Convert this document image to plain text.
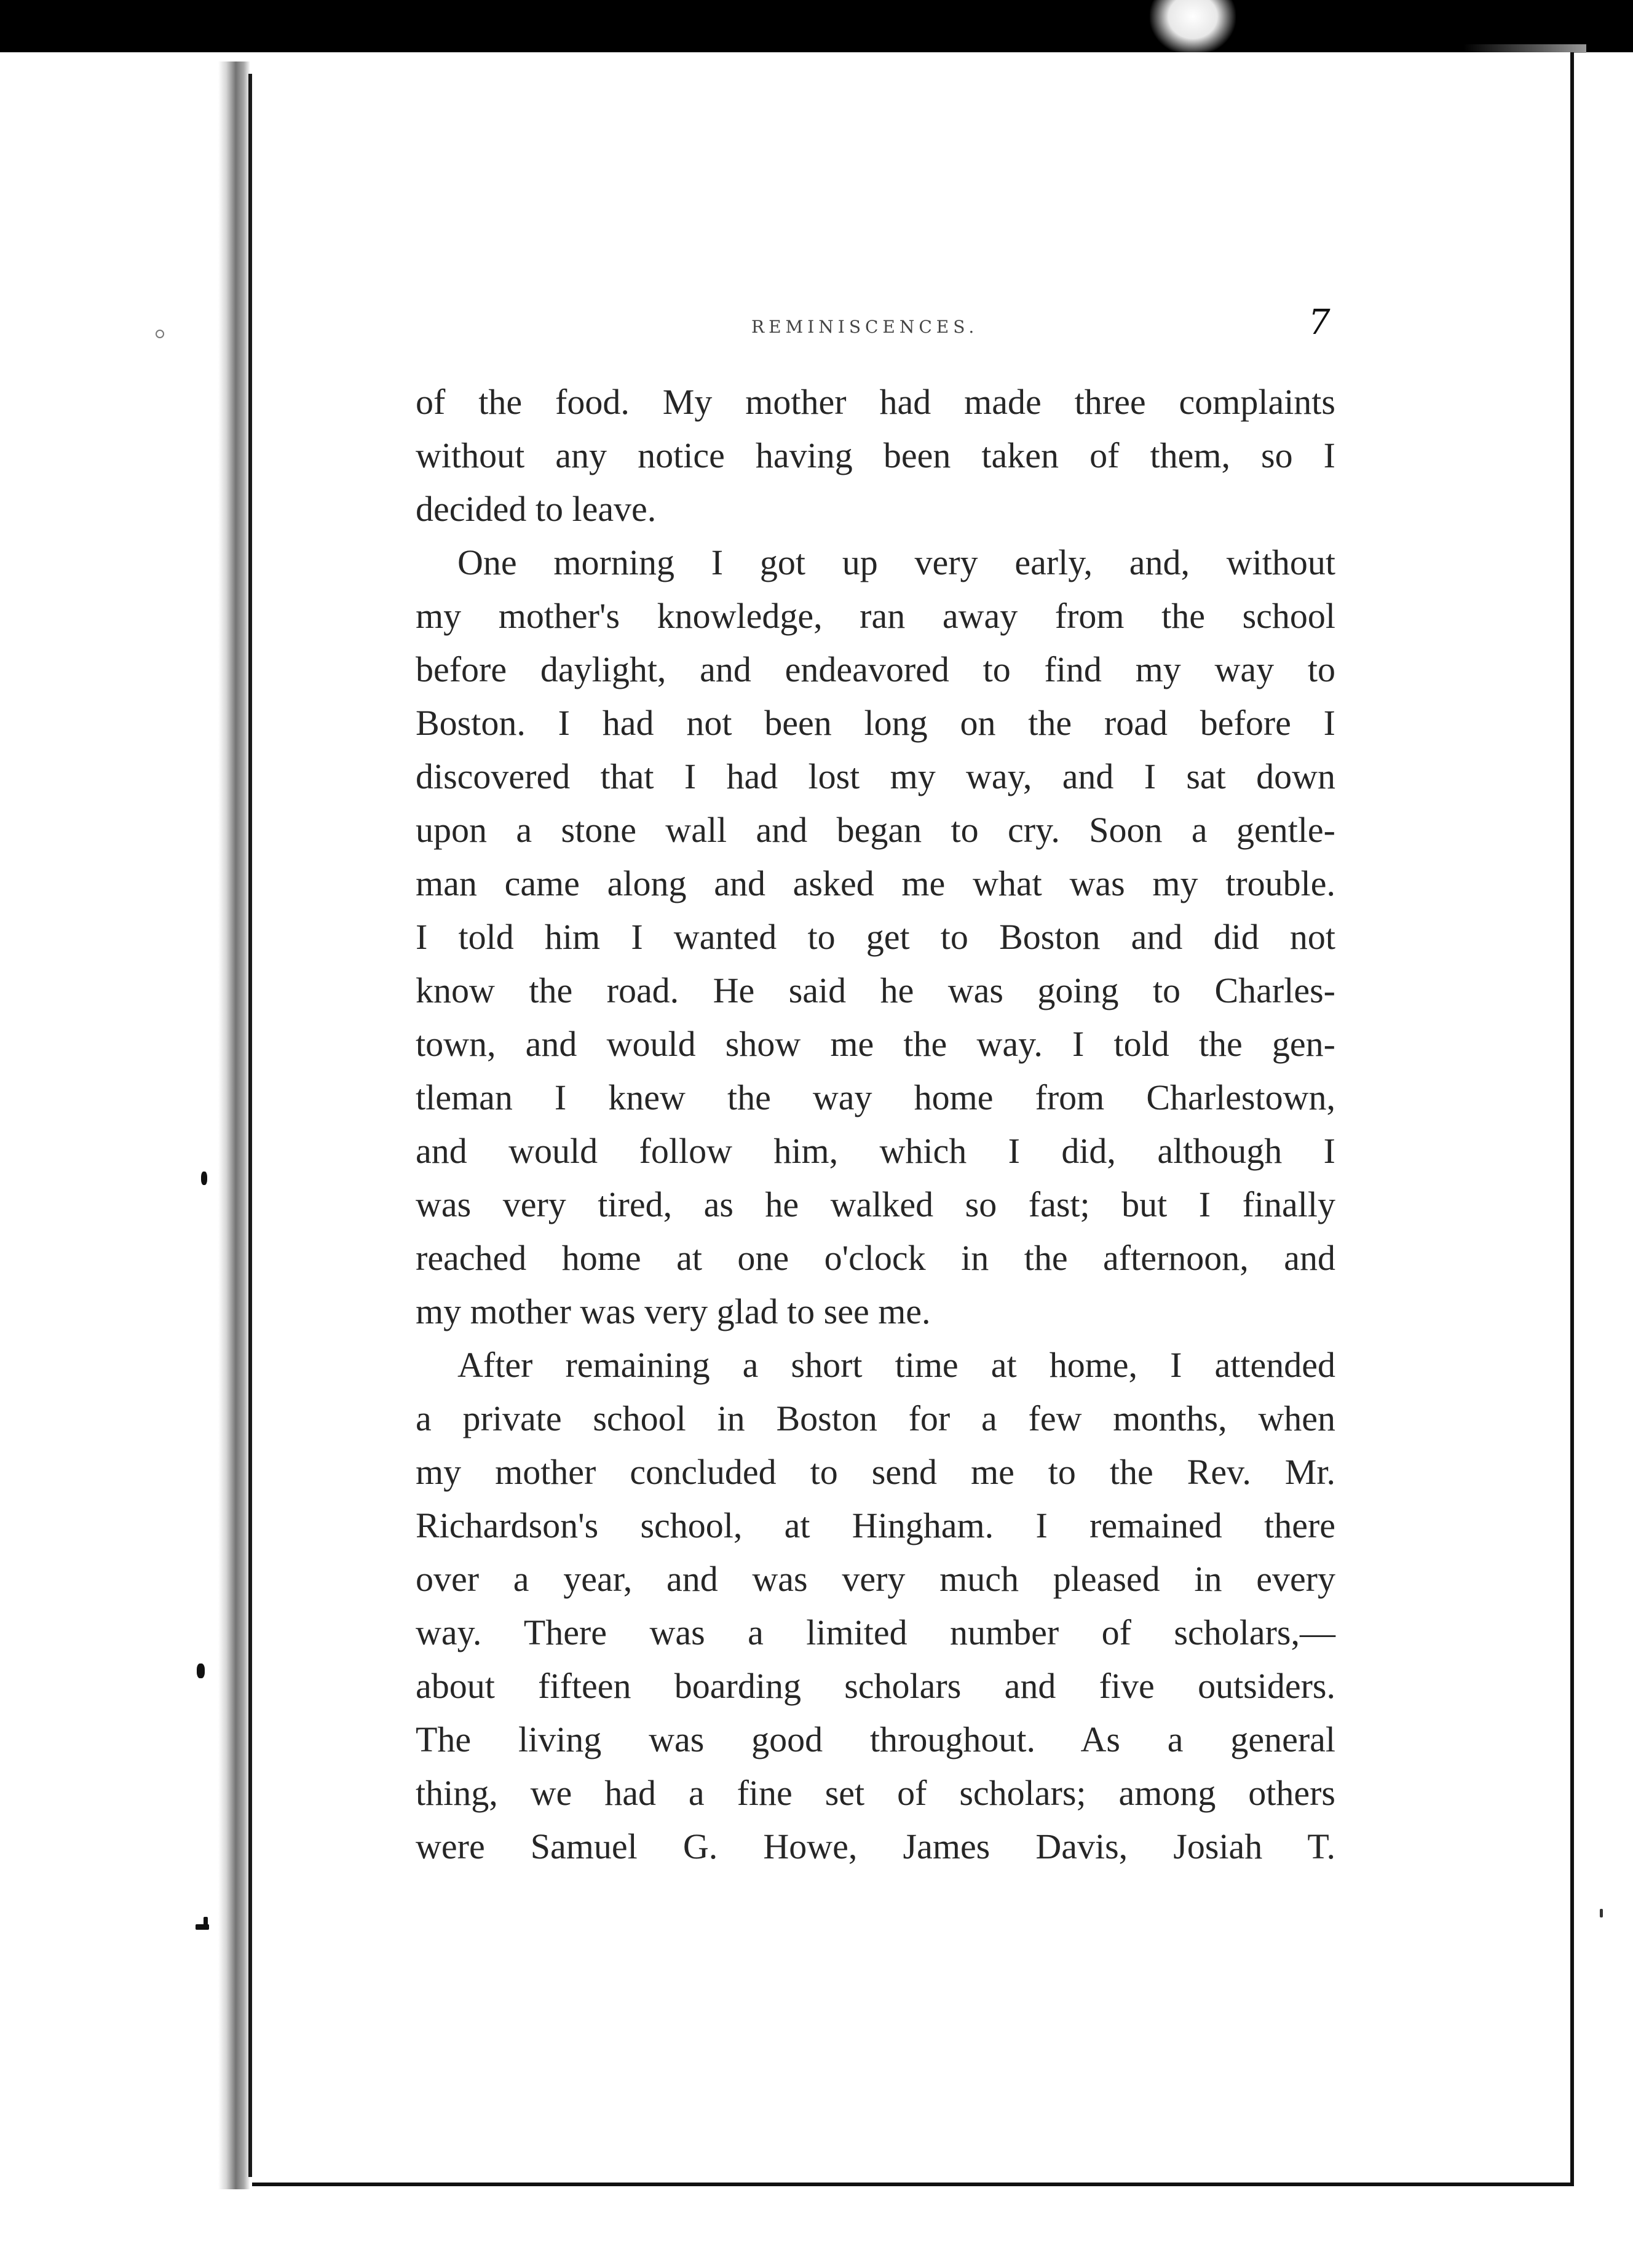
REMINISCENCES.	7
of the food. My mother had made three complaints
without any notice having been taken of them, so I
decided to leave.
One morning I got up very early, and, without
my mother's knowledge, ran away from the school
before daylight, and endeavored to find my way to
Boston. I had not been long on the road before I
discovered that I had lost my way, and I sat down
upon a stone wall and began to cry. Soon a gentle-
man came along and asked me what was my trouble.
I told him I wanted to get to Boston and did not
know the road. He said he was going to Charles-
town, and would show me the way. I told the gen-
tleman I knew the way home from Charlestown,
and would follow him, which I did, although I
was very tired, as he walked so fast; but I finally
reached home at one o'clock in the afternoon, and
my mother was very glad to see me.
After remaining a short time at home, I attended
a private school in Boston for a few months, when
my mother concluded to send me to the Rev. Mr.
Richardson's school, at Hingham. I remained there
over a year, and was very much pleased in every
way. There was a limited number of scholars,—
about fifteen boarding scholars and five outsiders.
The living was good throughout. As a general
thing, we had a fine set of scholars; among others
were Samuel G. Howe, James Davis, Josiah T.
